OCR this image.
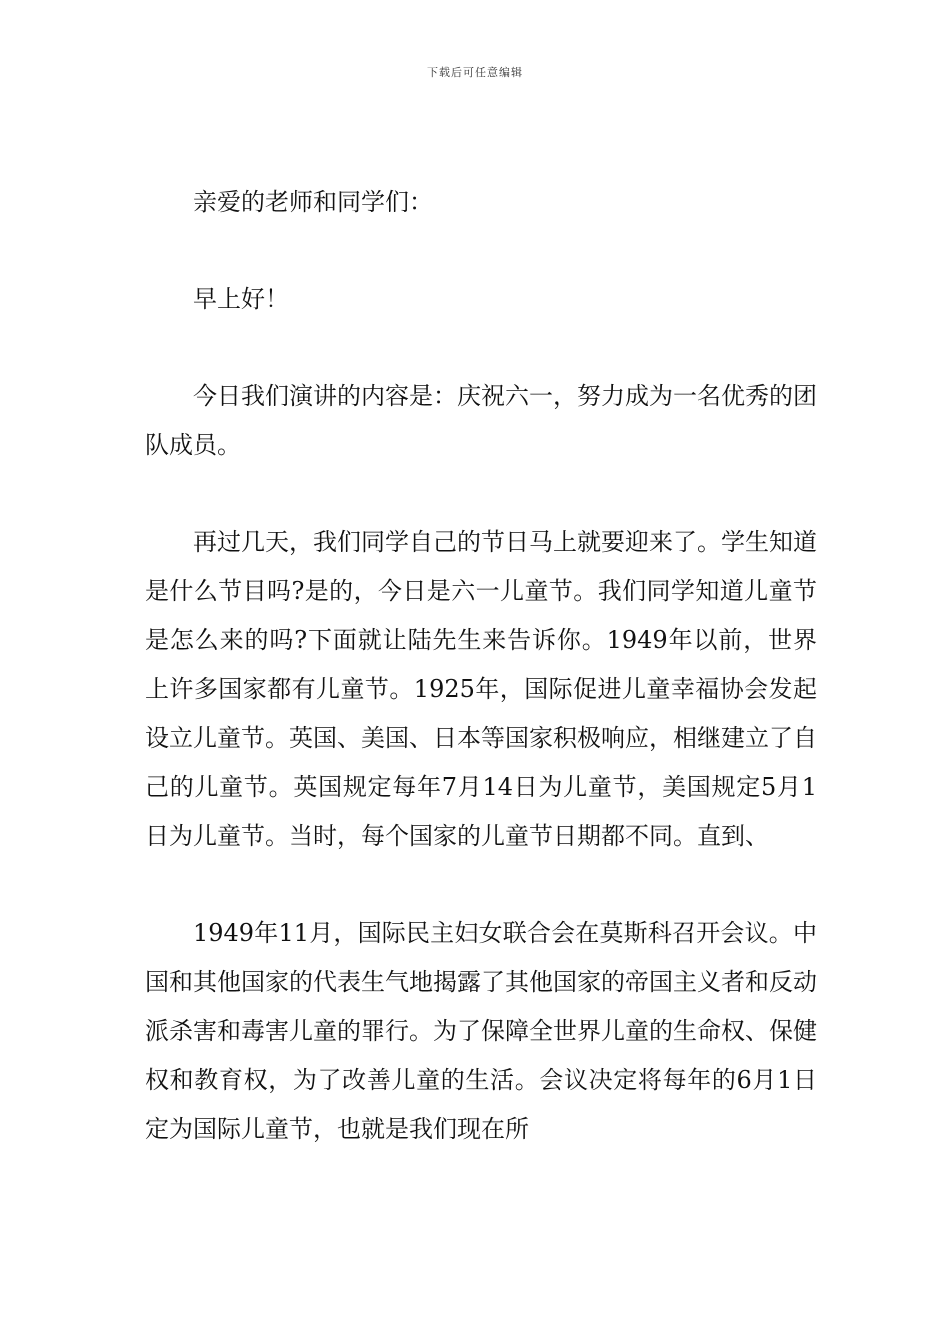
下载后可任意编辑

亲爱的老师和同学们：

早上好！

今日我们演讲的内容是：庆祝六一，努力成为一名优秀的团队成员。

再过几天，我们同学自己的节日马上就要迎来了。学生知道是什么节目吗?是的，今日是六一儿童节。我们同学知道儿童节是怎么来的吗?下面就让陆先生来告诉你。1949年以前，世界上许多国家都有儿童节。1925年，国际促进儿童幸福协会发起设立儿童节。英国、美国、日本等国家积极响应，相继建立了自己的儿童节。英国规定每年7月14日为儿童节，美国规定5月1日为儿童节。当时，每个国家的儿童节日期都不同。直到、

1949年11月，国际民主妇女联合会在莫斯科召开会议。中国和其他国家的代表生气地揭露了其他国家的帝国主义者和反动派杀害和毒害儿童的罪行。为了保障全世界儿童的生命权、保健权和教育权，为了改善儿童的生活。会议决定将每年的6月1日定为国际儿童节，也就是我们现在所
